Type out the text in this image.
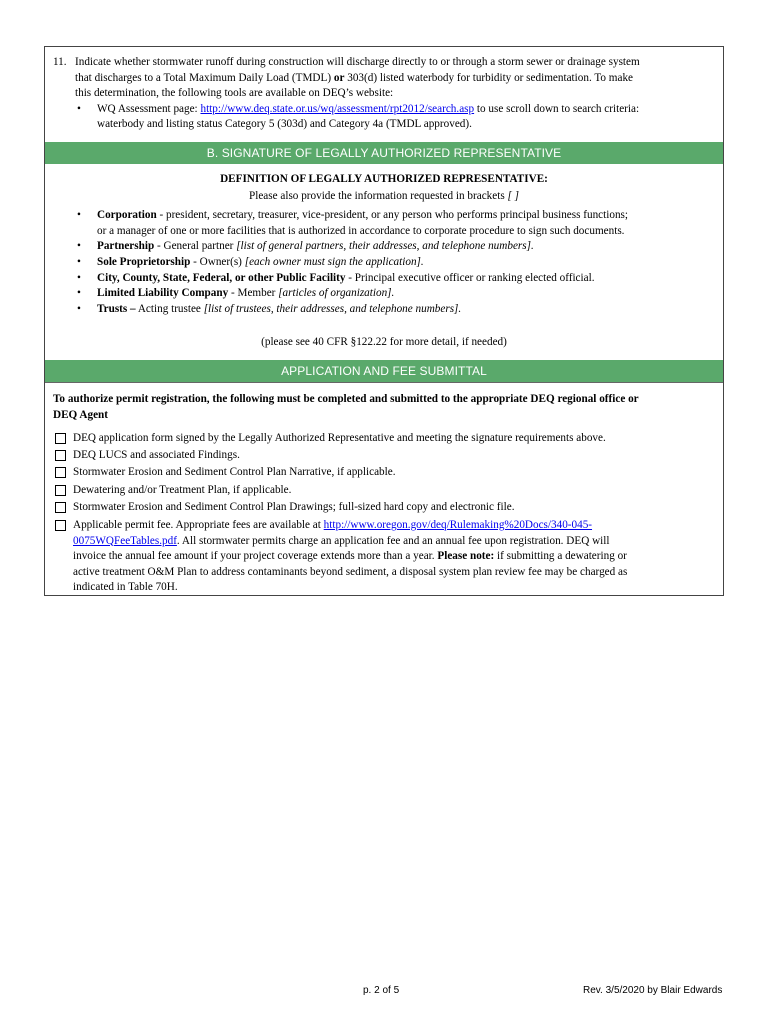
11. Indicate whether stormwater runoff during construction will discharge directly to or through a storm sewer or drainage system
that discharges to a Total Maximum Daily Load (TMDL) or 303(d) listed waterbody for turbidity or sedimentation. To make
this determination, the following tools are available on DEQ’s website:
• WQ Assessment page: http://www.deq.state.or.us/wq/assessment/rpt2012/search.asp to use scroll down to search criteria:
waterbody and listing status Category 5 (303d) and Category 4a (TMDL approved).
B. SIGNATURE OF LEGALLY AUTHORIZED REPRESENTATIVE
DEFINITION OF LEGALLY AUTHORIZED REPRESENTATIVE:
Please also provide the information requested in brackets [ ]
• Corporation - president, secretary, treasurer, vice-president, or any person who performs principal business functions;
or a manager of one or more facilities that is authorized in accordance to corporate procedure to sign such documents.
• Partnership - General partner [list of general partners, their addresses, and telephone numbers].
• Sole Proprietorship - Owner(s) [each owner must sign the application].
• City, County, State, Federal, or other Public Facility - Principal executive officer or ranking elected official.
• Limited Liability Company - Member [articles of organization].
• Trusts – Acting trustee [list of trustees, their addresses, and telephone numbers].
(please see 40 CFR §122.22 for more detail, if needed)
APPLICATION AND FEE SUBMITTAL
To authorize permit registration, the following must be completed and submitted to the appropriate DEQ regional office or
DEQ Agent
DEQ application form signed by the Legally Authorized Representative and meeting the signature requirements above.
DEQ LUCS and associated Findings.
Stormwater Erosion and Sediment Control Plan Narrative, if applicable.
Dewatering and/or Treatment Plan, if applicable.
Stormwater Erosion and Sediment Control Plan Drawings; full-sized hard copy and electronic file.
Applicable permit fee. Appropriate fees are available at http://www.oregon.gov/deq/Rulemaking%20Docs/340-045-
0075WQFeeTables.pdf. All stormwater permits charge an application fee and an annual fee upon registration. DEQ will
invoice the annual fee amount if your project coverage extends more than a year. Please note: if submitting a dewatering or
active treatment O&M Plan to address contaminants beyond sediment, a disposal system plan review fee may be charged as
indicated in Table 70H.
p. 2 of 5	Rev. 3/5/2020 by Blair Edwards
